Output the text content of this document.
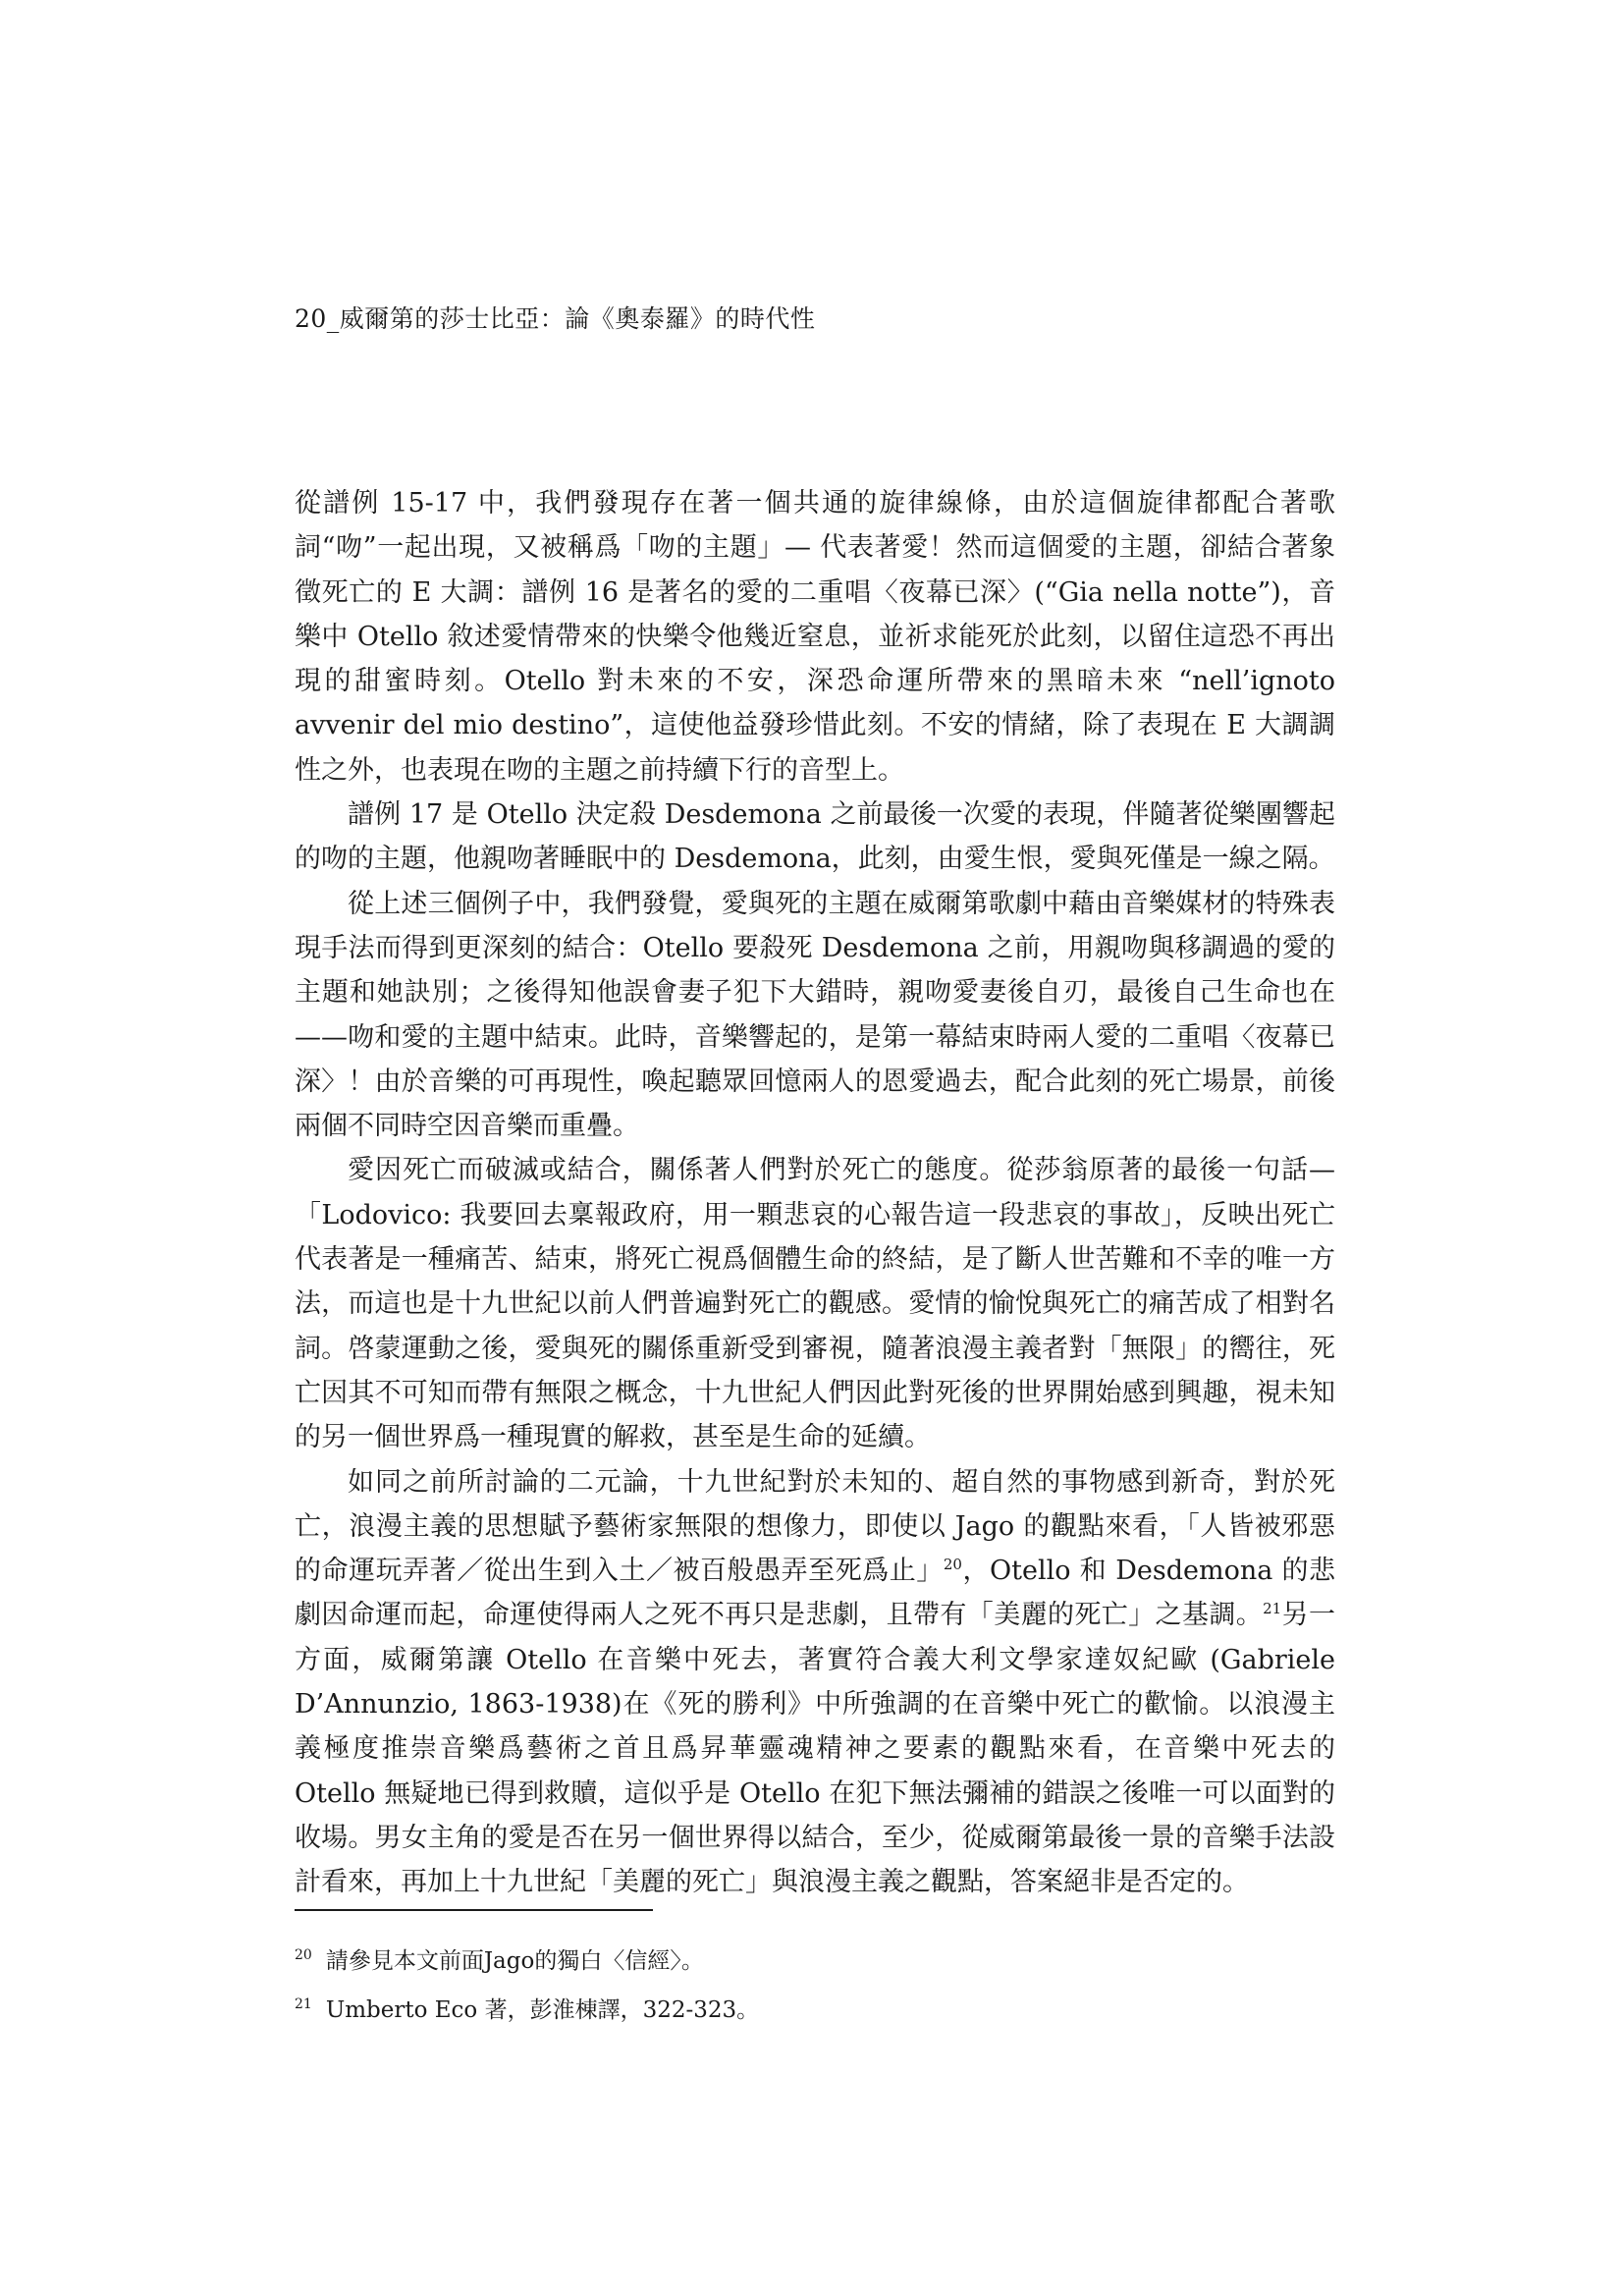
20_威爾第的莎士比亞：論《奧泰羅》的時代性

從譜例 15-17 中，我們發現存在著一個共通的旋律線條，由於這個旋律都配合著歌詞“吻”一起出現，又被稱爲「吻的主題」— 代表著愛！然而這個愛的主題，卻結合著象徵死亡的 E 大調：譜例 16 是著名的愛的二重唱〈夜幕已深〉(“Gia nella notte”)，音樂中 Otello 敘述愛情帶來的快樂令他幾近窒息，並祈求能死於此刻，以留住這恐不再出現的甜蜜時刻。Otello 對未來的不安，深恐命運所帶來的黑暗未來 “nell’ignoto avvenir del mio destino”，這使他益發珍惜此刻。不安的情緒，除了表現在 E 大調調性之外，也表現在吻的主題之前持續下行的音型上。

譜例 17 是 Otello 決定殺 Desdemona 之前最後一次愛的表現，伴隨著從樂團響起的吻的主題，他親吻著睡眠中的 Desdemona，此刻，由愛生恨，愛與死僅是一線之隔。

從上述三個例子中，我們發覺，愛與死的主題在威爾第歌劇中藉由音樂媒材的特殊表現手法而得到更深刻的結合：Otello 要殺死 Desdemona 之前，用親吻與移調過的愛的主題和她訣別；之後得知他誤會妻子犯下大錯時，親吻愛妻後自刃，最後自己生命也在——吻和愛的主題中結束。此時，音樂響起的，是第一幕結束時兩人愛的二重唱〈夜幕已深〉！由於音樂的可再現性，喚起聽眾回憶兩人的恩愛過去，配合此刻的死亡場景，前後兩個不同時空因音樂而重疊。

愛因死亡而破滅或結合，關係著人們對於死亡的態度。從莎翁原著的最後一句話—「Lodovico: 我要回去稟報政府，用一顆悲哀的心報告這一段悲哀的事故」，反映出死亡代表著是一種痛苦、結束，將死亡視爲個體生命的終結，是了斷人世苦難和不幸的唯一方法，而這也是十九世紀以前人們普遍對死亡的觀感。愛情的愉悅與死亡的痛苦成了相對名詞。啓蒙運動之後，愛與死的關係重新受到審視，隨著浪漫主義者對「無限」的嚮往，死亡因其不可知而帶有無限之概念，十九世紀人們因此對死後的世界開始感到興趣，視未知的另一個世界爲一種現實的解救，甚至是生命的延續。

如同之前所討論的二元論，十九世紀對於未知的、超自然的事物感到新奇，對於死亡，浪漫主義的思想賦予藝術家無限的想像力，即使以 Jago 的觀點來看，「人皆被邪惡的命運玩弄著／從出生到入土／被百般愚弄至死爲止」$^{20}$，Otello 和 Desdemona 的悲劇因命運而起，命運使得兩人之死不再只是悲劇，且帶有「美麗的死亡」之基調。$^{21}$另一方面，威爾第讓 Otello 在音樂中死去，著實符合義大利文學家達奴紀歐 (Gabriele D’Annunzio, 1863-1938)在《死的勝利》中所強調的在音樂中死亡的歡愉。以浪漫主義極度推崇音樂爲藝術之首且爲昇華靈魂精神之要素的觀點來看，在音樂中死去的 Otello 無疑地已得到救贖，這似乎是 Otello 在犯下無法彌補的錯誤之後唯一可以面對的收場。男女主角的愛是否在另一個世界得以結合，至少，從威爾第最後一景的音樂手法設計看來，再加上十九世紀「美麗的死亡」與浪漫主義之觀點，答案絕非是否定的。

$^{20}$ 請參見本文前面Jago的獨白〈信經〉。
$^{21}$ Umberto Eco 著，彭淮棟譯，322-323。
